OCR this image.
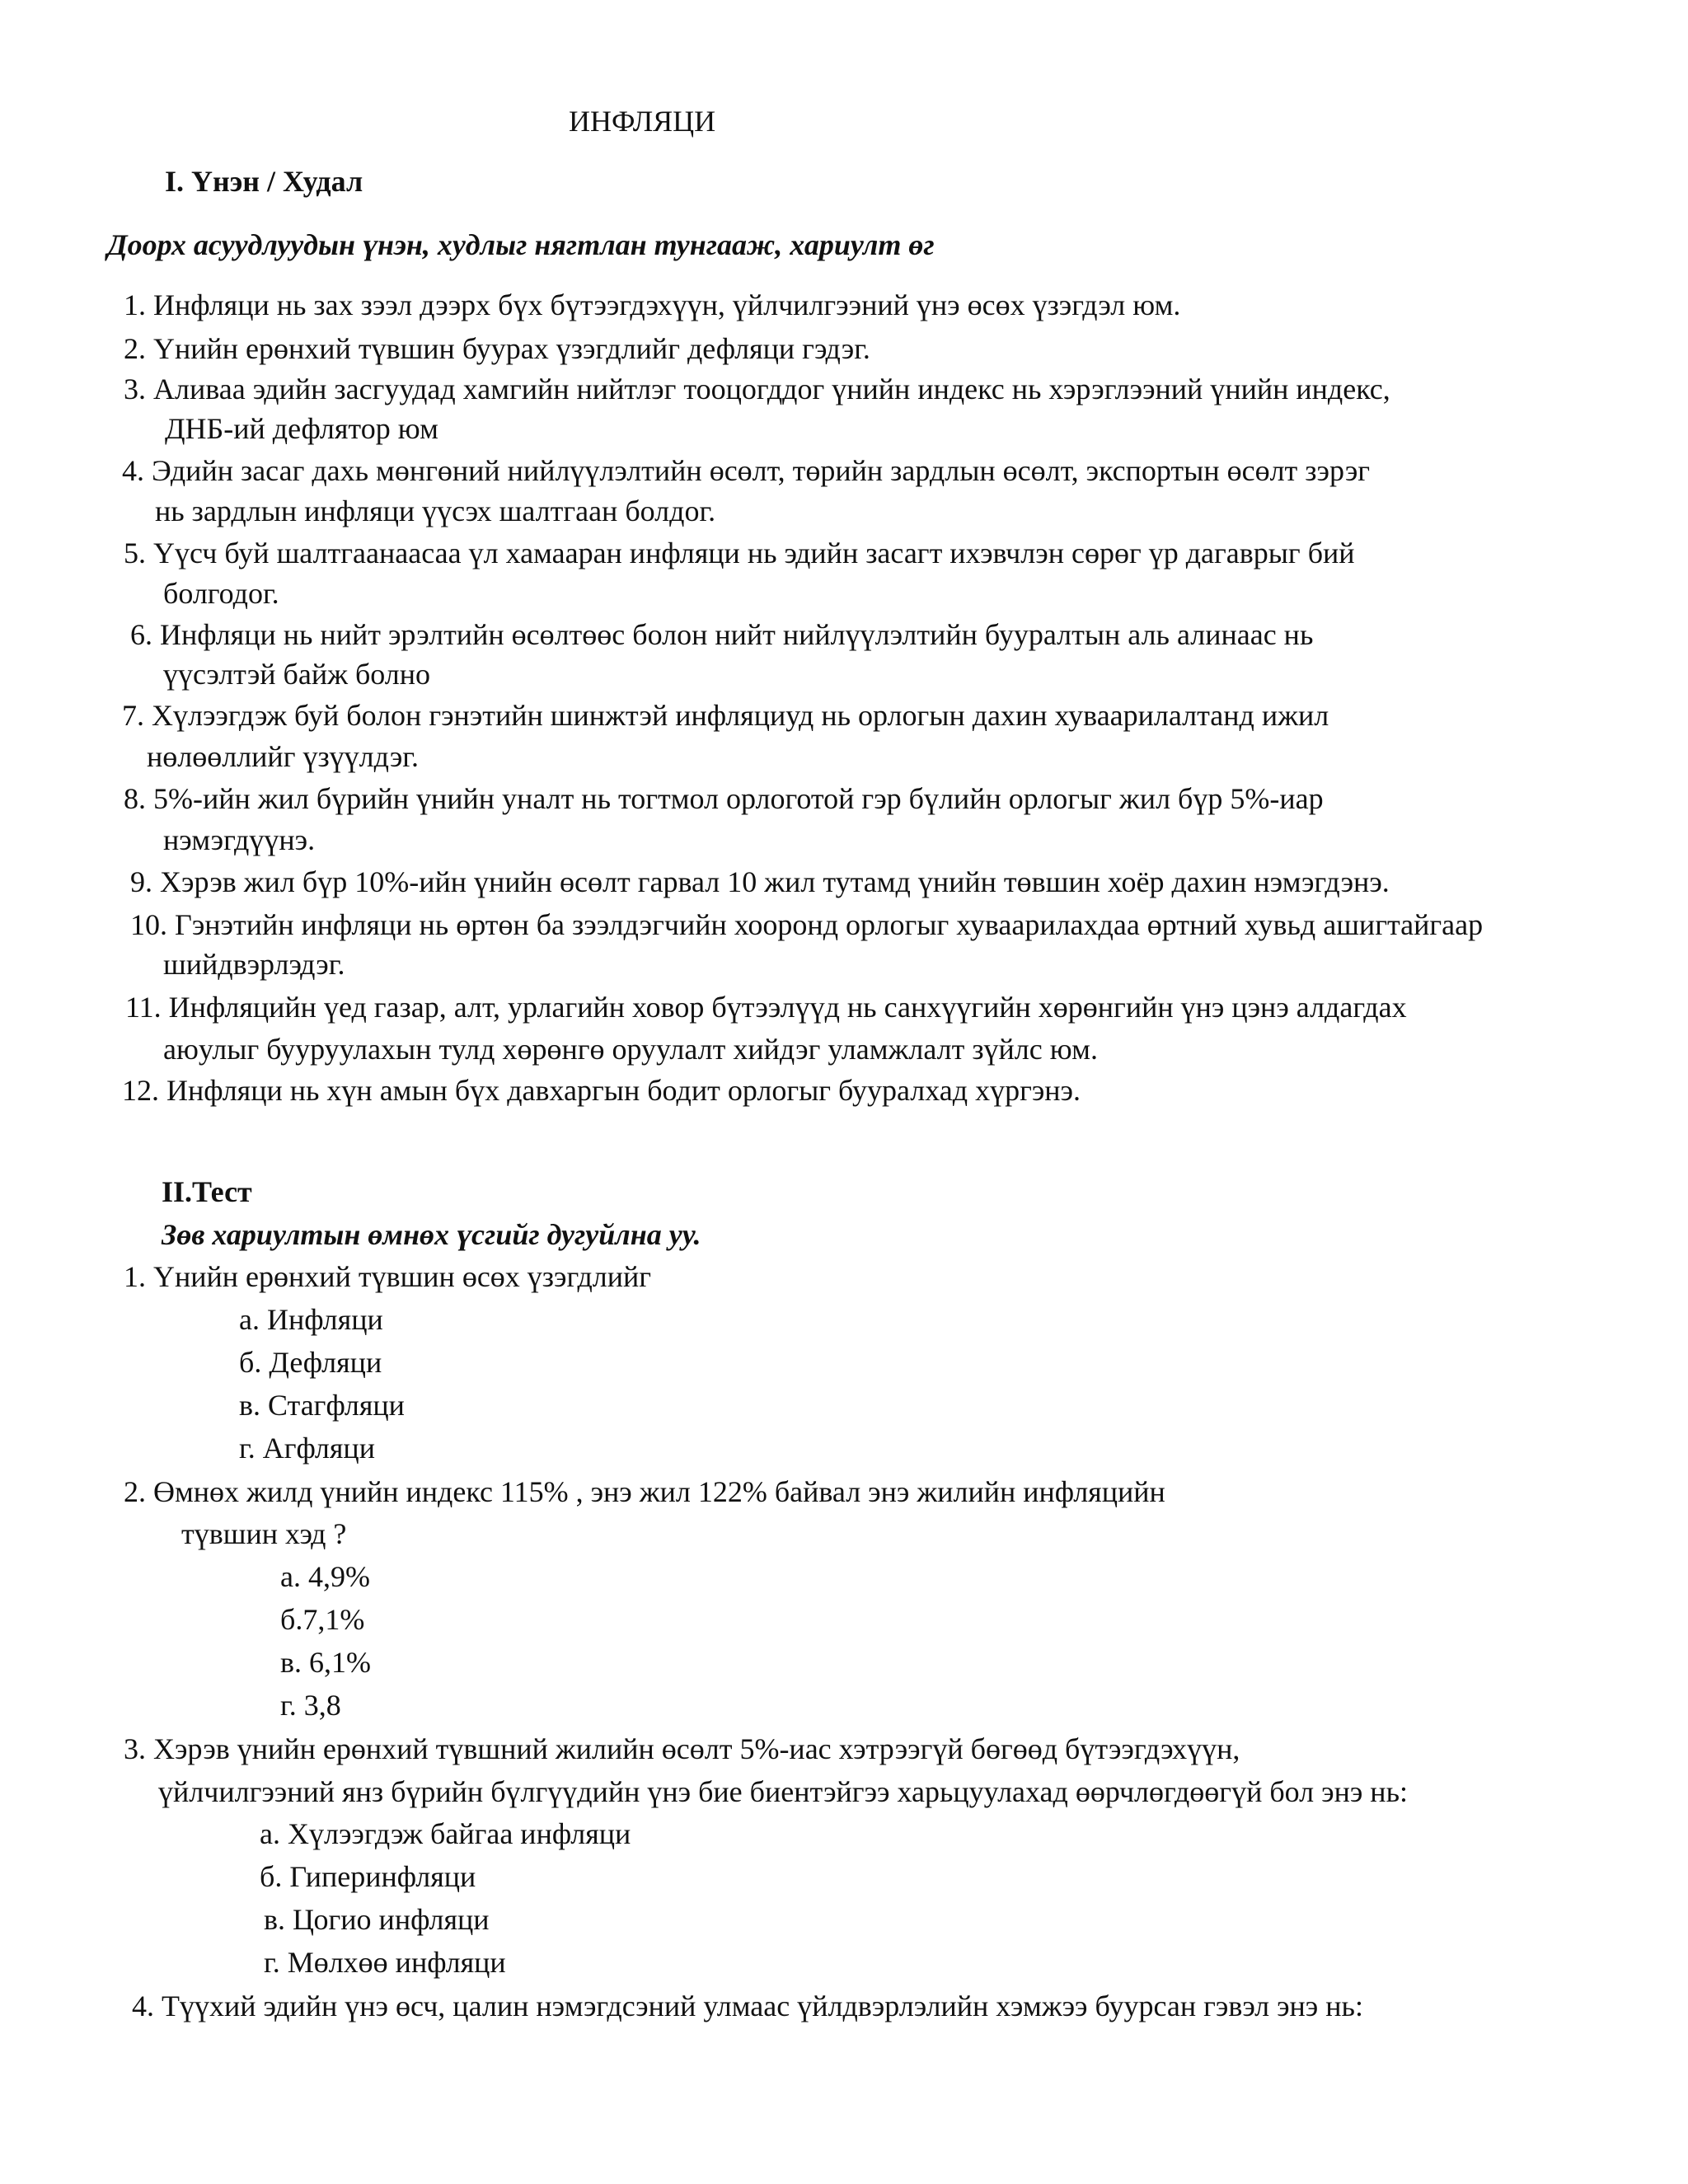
ИНФЛЯЦИ
I. Үнэн / Худал
Доорх асуудлуудын үнэн, худлыг нягтлан тунгааж, хариулт өг
1. Инфляци нь зах зээл дээрх бүх бүтээгдэхүүн, үйлчилгээний үнэ өсөх үзэгдэл юм.
2. Үнийн ерөнхий түвшин буурах үзэгдлийг дефляци гэдэг.
3. Аливаа эдийн засгуудад хамгийн нийтлэг тооцогддог үнийн индекс нь хэрэглээний үнийн индекс,
ДНБ-ий дефлятор юм
4. Эдийн засаг дахь мөнгөний нийлүүлэлтийн өсөлт, төрийн зардлын өсөлт, экспортын өсөлт зэрэг
нь зардлын инфляци үүсэх шалтгаан болдог.
5. Үүсч буй шалтгаанаасаа үл хамааран инфляци нь эдийн засагт ихэвчлэн сөрөг үр дагаврыг бий
болгодог.
6. Инфляци нь нийт эрэлтийн өсөлтөөс болон нийт нийлүүлэлтийн бууралтын аль алинаас нь
үүсэлтэй байж болно
7. Хүлээгдэж буй болон гэнэтийн шинжтэй инфляциуд нь орлогын дахин хуваарилалтанд ижил
нөлөөллийг үзүүлдэг.
8. 5%-ийн жил бүрийн үнийн уналт нь тогтмол орлоготой гэр бүлийн орлогыг жил бүр 5%-иар
нэмэгдүүнэ.
9. Хэрэв жил бүр 10%-ийн үнийн өсөлт гарвал 10 жил тутамд үнийн төвшин хоёр дахин нэмэгдэнэ.
10. Гэнэтийн инфляци нь өртөн ба зээлдэгчийн хооронд орлогыг хуваарилахдаа өртний хувьд ашигтайгаар
шийдвэрлэдэг.
11. Инфляцийн үед газар, алт, урлагийн ховор бүтээлүүд нь санхүүгийн хөрөнгийн үнэ цэнэ алдагдах
аюулыг бууруулахын тулд хөрөнгө оруулалт хийдэг уламжлалт зүйлс юм.
12. Инфляци нь хүн амын бүх давхаргын бодит орлогыг бууралхад хүргэнэ.
II.Тест
Зөв хариултын өмнөх үсгийг дугуйлна уу.
1. Үнийн ерөнхий түвшин өсөх үзэгдлийг
а. Инфляци
б. Дефляци
в. Стагфляци
г. Агфляци
2. Өмнөх жилд үнийн индекс 115% , энэ жил 122% байвал энэ жилийн инфляцийн
түвшин хэд ?
а. 4,9%
б.7,1%
в. 6,1%
г. 3,8
3. Хэрэв үнийн ерөнхий түвшний жилийн өсөлт 5%-иас хэтрээгүй бөгөөд бүтээгдэхүүн,
үйлчилгээний янз бүрийн бүлгүүдийн үнэ бие биентэйгээ харьцуулахад өөрчлөгдөөгүй бол энэ нь:
а. Хүлээгдэж байгаа инфляци
б. Гиперинфляци
в. Цогио инфляци
г. Мөлхөө инфляци
4. Түүхий эдийн үнэ өсч, цалин нэмэгдсэний улмаас үйлдвэрлэлийн хэмжээ буурсан гэвэл энэ нь:
